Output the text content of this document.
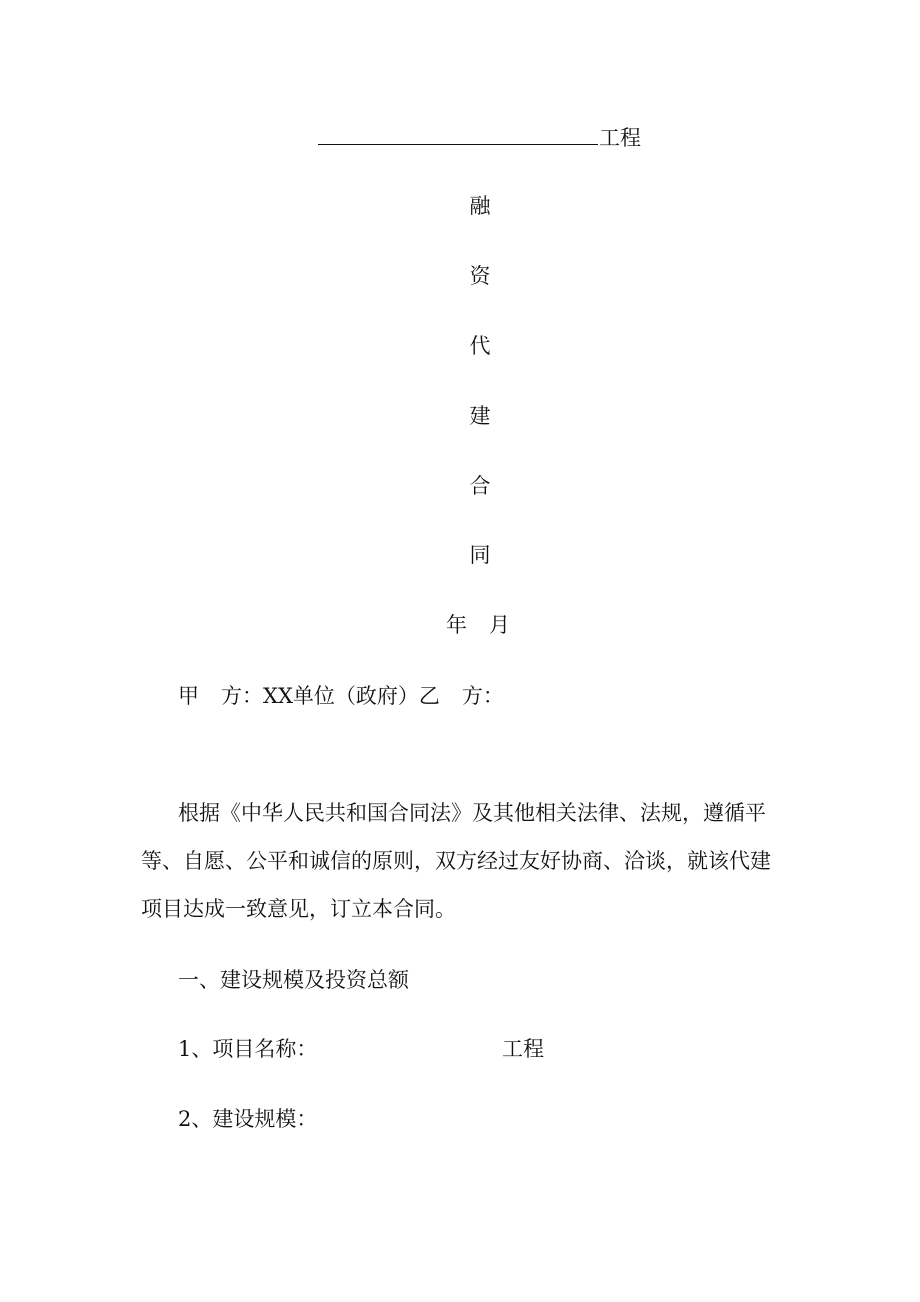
工程
融
资
代
建
合
同
年 月
甲 方：XX单位（政府）乙 方：
根据《中华人民共和国合同法》及其他相关法律、法规，遵循平等、自愿、公平和诚信的原则，双方经过友好协商、洽谈，就该代建项目达成一致意见，订立本合同。
一、建设规模及投资总额
1、项目名称：	工程
2、建设规模：
